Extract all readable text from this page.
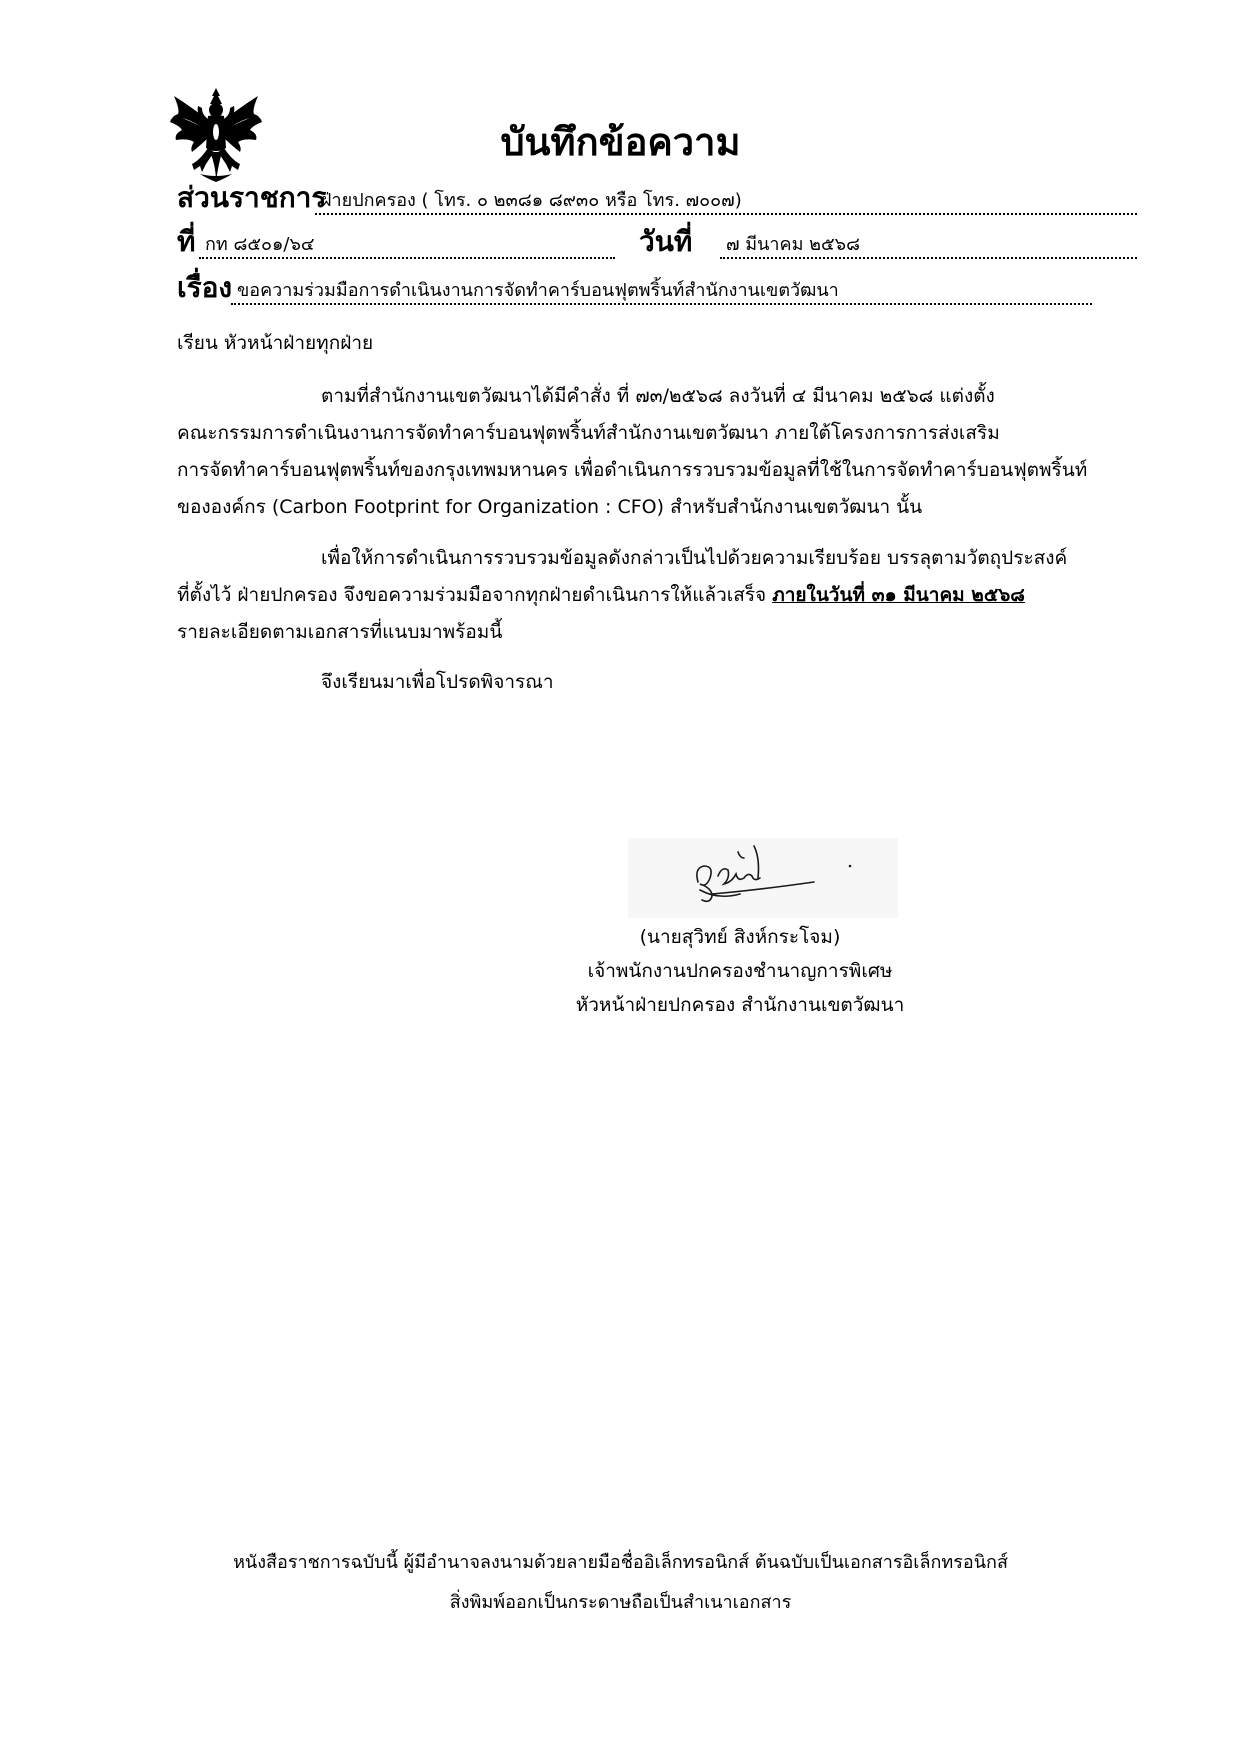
บันทึกข้อความ
ส่วนราชการ
ฝ่ายปกครอง ( โทร. ๐ ๒๓๘๑ ๘๙๓๐ หรือ โทร. ๗๐๐๗)
ที่ กท ๘๕๐๑/๖๔	วันที่	๗ มีนาคม ๒๕๖๘
เรื่อง ขอความร่วมมือการดำเนินงานการจัดทำคาร์บอนฟุตพริ้นท์สำนักงานเขตวัฒนา
เรียน หัวหน้าฝ่ายทุกฝ่าย
ตามที่สำนักงานเขตวัฒนาได้มีคำสั่ง ที่ ๗๓/๒๕๖๘ ลงวันที่ ๔ มีนาคม ๒๕๖๘ แต่งตั้ง
คณะกรรมการดำเนินงานการจัดทำคาร์บอนฟุตพริ้นท์สำนักงานเขตวัฒนา ภายใต้โครงการการส่งเสริม
การจัดทำคาร์บอนฟุตพริ้นท์ของกรุงเทพมหานคร เพื่อดำเนินการรวบรวมข้อมูลที่ใช้ในการจัดทำคาร์บอนฟุตพริ้นท์
ขององค์กร (Carbon Footprint for Organization : CFO) สำหรับสำนักงานเขตวัฒนา นั้น
เพื่อให้การดำเนินการรวบรวมข้อมูลดังกล่าวเป็นไปด้วยความเรียบร้อย บรรลุตามวัตถุประสงค์
ที่ตั้งไว้ ฝ่ายปกครอง จึงขอความร่วมมือจากทุกฝ่ายดำเนินการให้แล้วเสร็จ ภายในวันที่ ๓๑ มีนาคม ๒๕๖๘
รายละเอียดตามเอกสารที่แนบมาพร้อมนี้
จึงเรียนมาเพื่อโปรดพิจารณา
(นายสุวิทย์ สิงห์กระโจม)
เจ้าพนักงานปกครองชำนาญการพิเศษ
หัวหน้าฝ่ายปกครอง สำนักงานเขตวัฒนา
หนังสือราชการฉบับนี้ ผู้มีอำนาจลงนามด้วยลายมือชื่ออิเล็กทรอนิกส์ ต้นฉบับเป็นเอกสารอิเล็กทรอนิกส์
สิ่งพิมพ์ออกเป็นกระดาษถือเป็นสำเนาเอกสาร
